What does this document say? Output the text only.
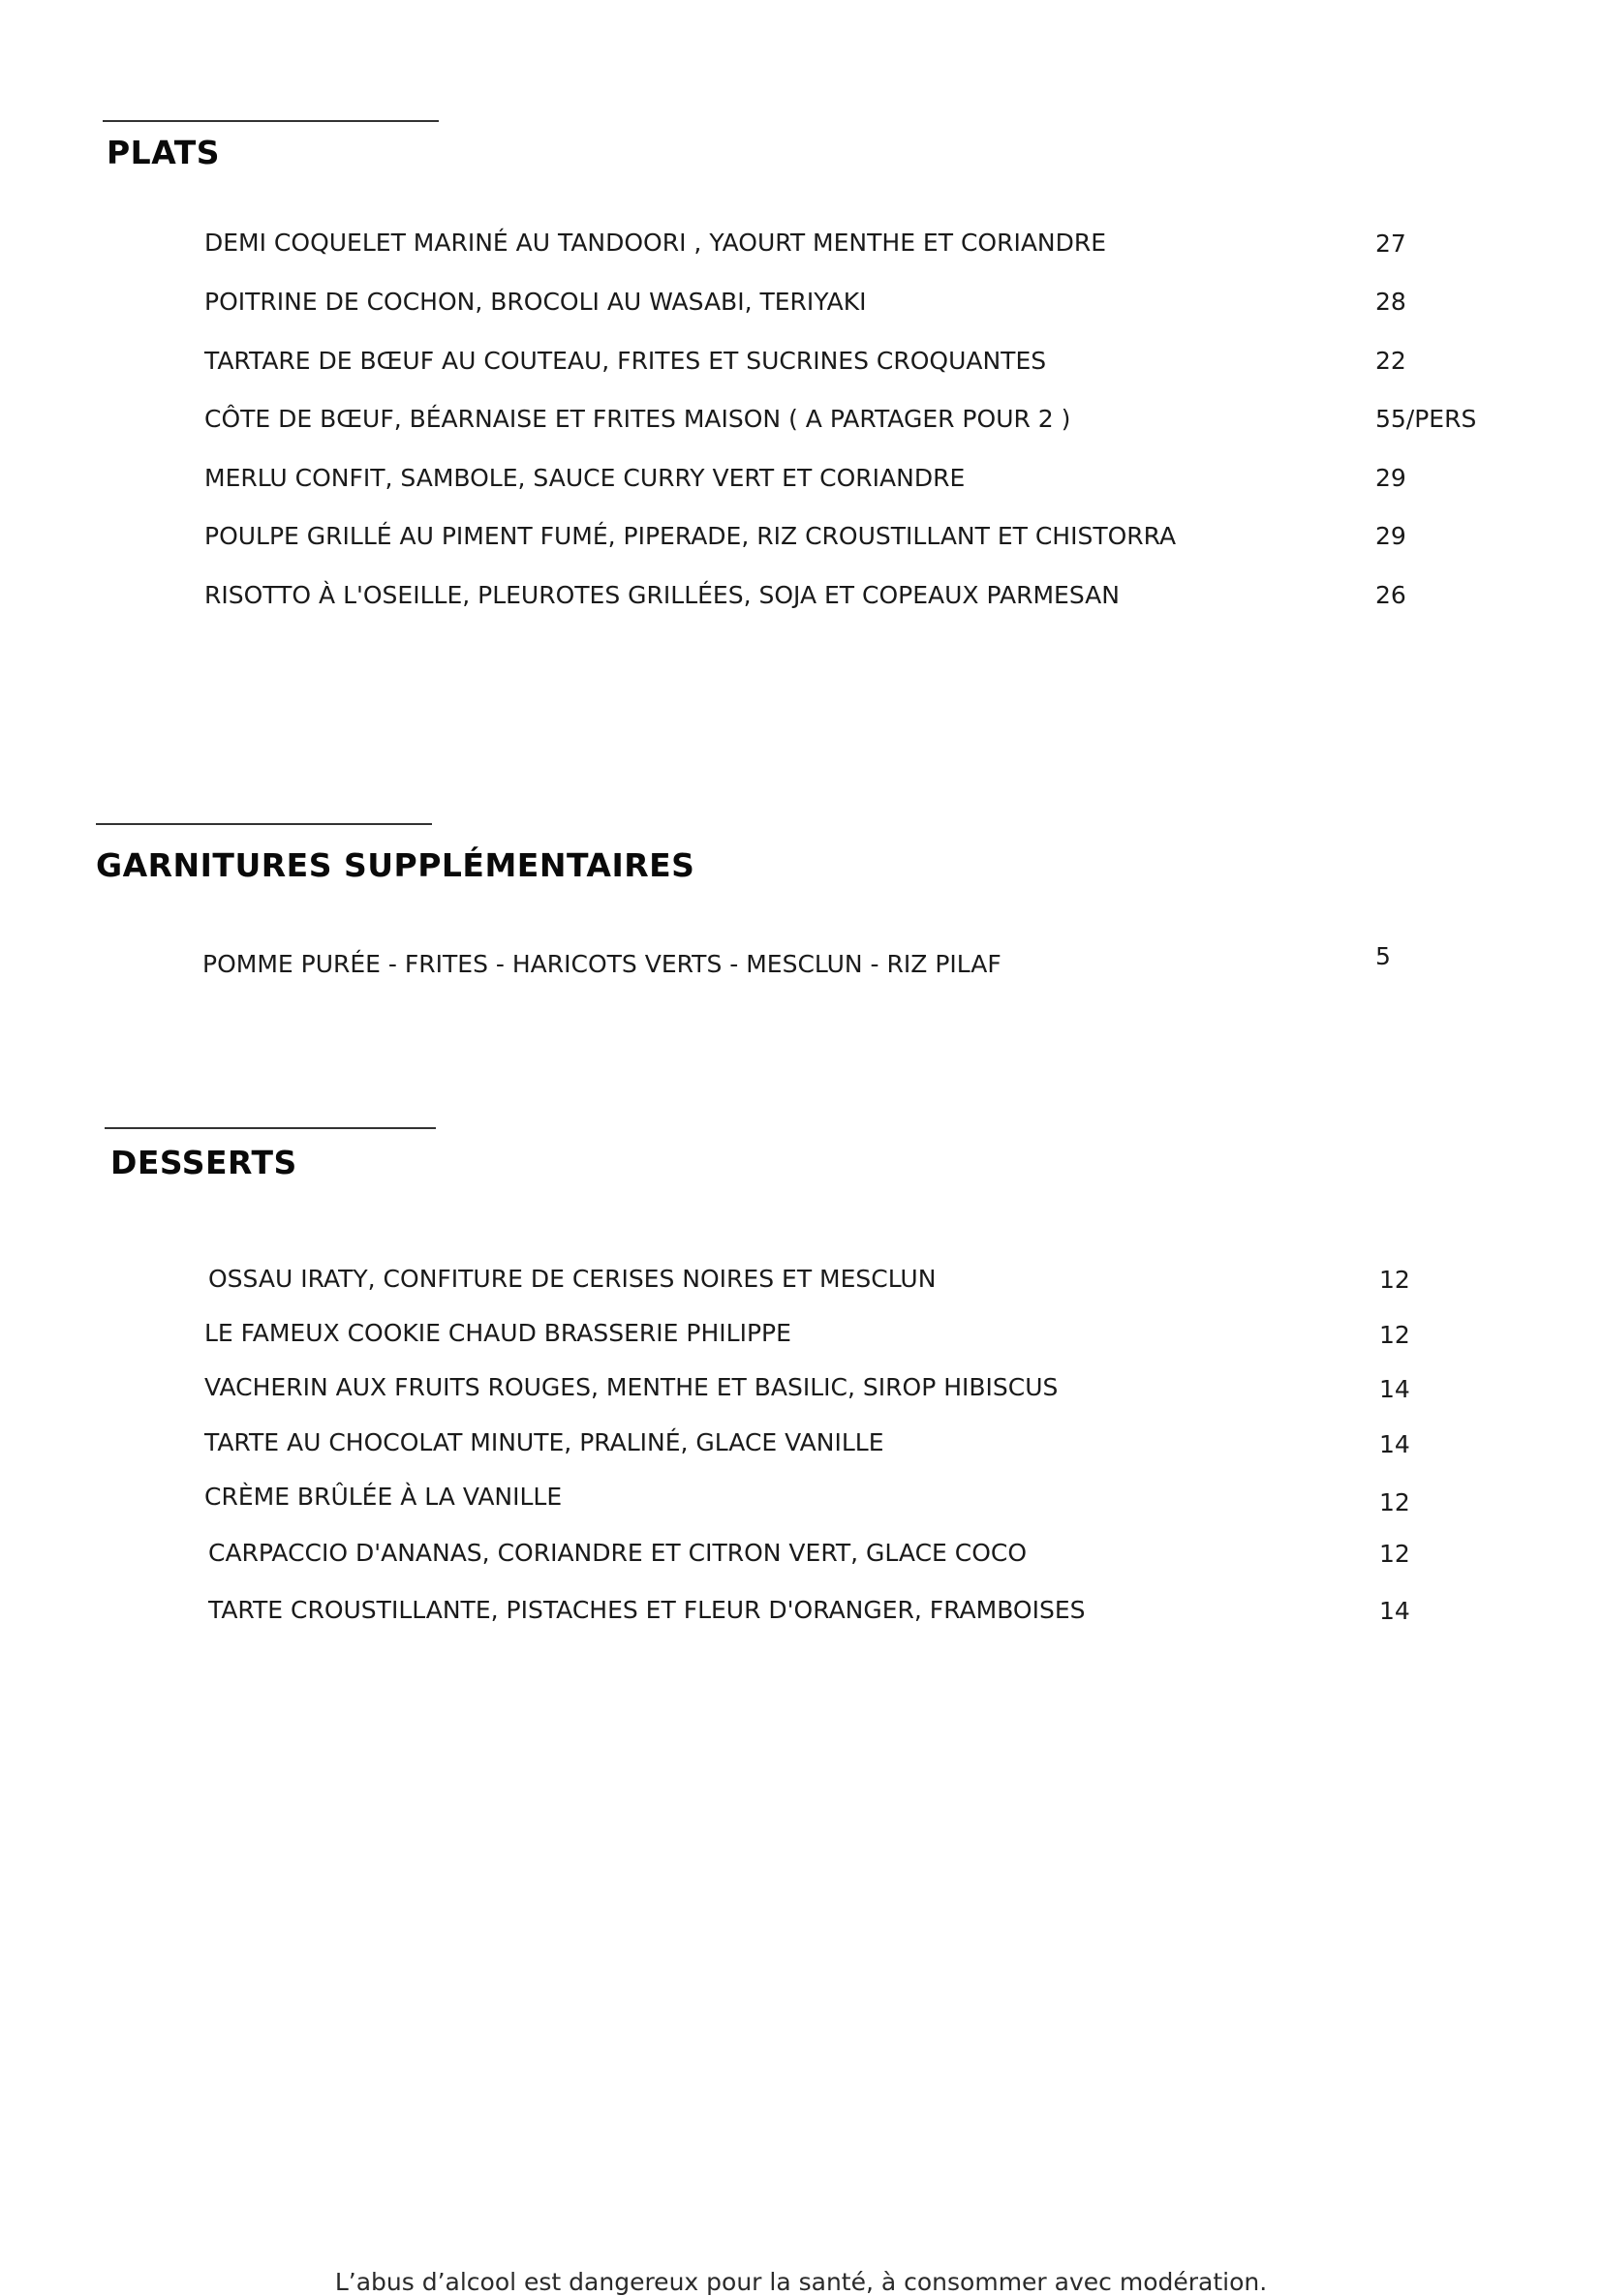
PLATS
DEMI COQUELET MARINÉ AU TANDOORI , YAOURT MENTHE ET CORIANDRE	27
POITRINE DE COCHON, BROCOLI AU WASABI, TERIYAKI	28
TARTARE DE BŒUF AU COUTEAU, FRITES ET SUCRINES CROQUANTES	22
CÔTE DE BŒUF, BÉARNAISE ET FRITES MAISON ( A PARTAGER POUR 2 )	55/PERS
MERLU CONFIT, SAMBOLE, SAUCE CURRY VERT ET CORIANDRE	29
POULPE GRILLÉ AU PIMENT FUMÉ, PIPERADE, RIZ CROUSTILLANT ET CHISTORRA	29
RISOTTO À L'OSEILLE, PLEUROTES GRILLÉES, SOJA ET COPEAUX PARMESAN	26
GARNITURES SUPPLÉMENTAIRES
POMME PURÉE - FRITES - HARICOTS VERTS - MESCLUN - RIZ PILAF	5
DESSERTS
OSSAU IRATY, CONFITURE DE CERISES NOIRES ET MESCLUN	12
LE FAMEUX COOKIE CHAUD BRASSERIE PHILIPPE	12
VACHERIN AUX FRUITS ROUGES, MENTHE ET BASILIC, SIROP HIBISCUS	14
TARTE AU CHOCOLAT MINUTE, PRALINÉ, GLACE VANILLE	14
CRÈME BRÛLÉE À LA VANILLE	12
CARPACCIO D'ANANAS, CORIANDRE ET CITRON VERT, GLACE COCO	12
TARTE CROUSTILLANTE, PISTACHES ET FLEUR D'ORANGER, FRAMBOISES	14
L’abus d’alcool est dangereux pour la santé, à consommer avec modération.
